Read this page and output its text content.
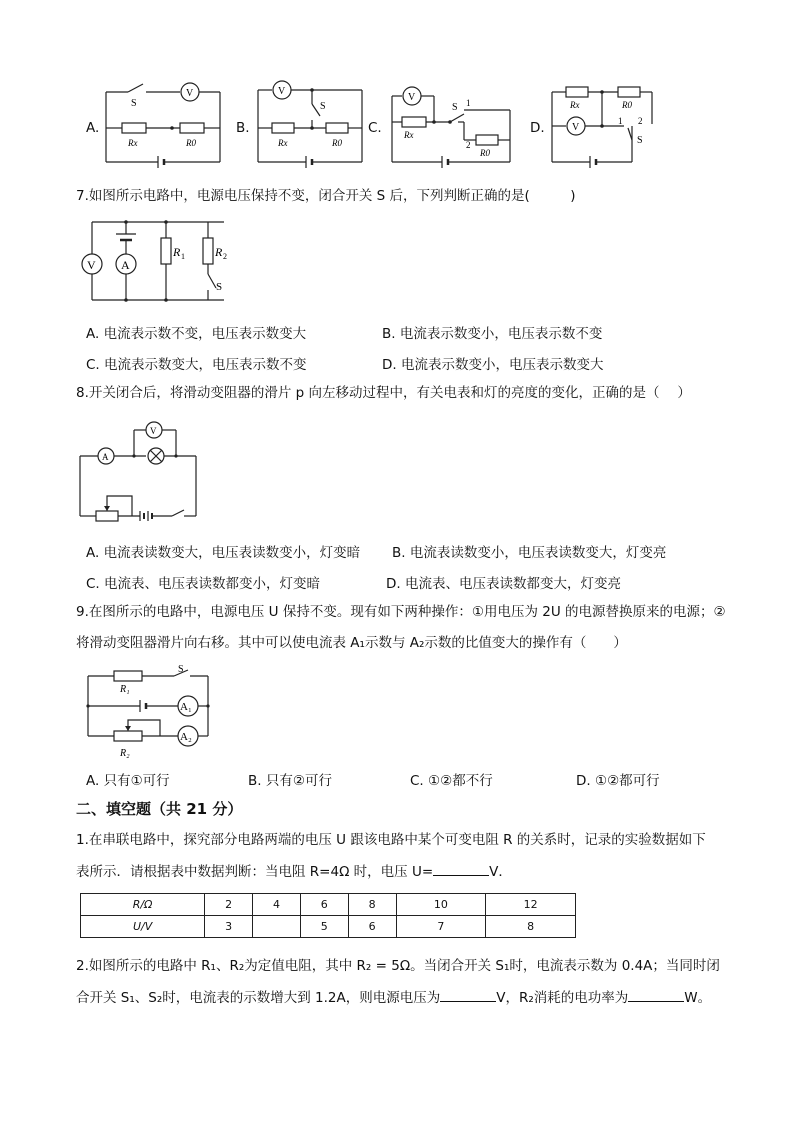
A.
S
V
Rx	R0
B.
V
S
Rx	R0
C.
V
S 1
2
Rx
R0
D.	V
Rx	R0
1 2
S
7.如图所示电路中，电源电压保持不变，闭合开关 S 后，下列判断正确的是(　　　)
V A
R 1	R 2
S
A. 电流表示数不变，电压表示数变大	B. 电流表示数变小，电压表示数不变
C. 电流表示数变大，电压表示数不变	D. 电流表示数变小，电压表示数变大
8.开关闭合后，将滑动变阻器的滑片 p 向左移动过程中，有关电表和灯的亮度的变化，正确的是（　 ）
A
V
A. 电流表读数变大，电压表读数变小，灯变暗 B. 电流表读数变小，电压表读数变大，灯变亮
C. 电流表、电压表读数都变小，灯变暗	D. 电流表、电压表读数都变大，灯变亮
9.在图所示的电路中，电源电压 U 保持不变。现有如下两种操作：①用电压为 2U 的电源替换原来的电源；②
将滑动变阻器滑片向右移。其中可以使电流表 A₁示数与 A₂示数的比值变大的操作有（　　）
R₁
R₂
S
A₁
A₂
A. 只有①可行	B. 只有②可行	C. ①②都不行	D. ①②都可行
二、填空题（共 21 分）
1.在串联电路中，探究部分电路两端的电压 U 跟该电路中某个可变电阻 R 的关系时，记录的实验数据如下
表所示．请根据表中数据判断：当电阻 R=4Ω 时，电压 U=	V．
R/Ω	2	4	6	8	10	12
U/V	3		5	6	7	8
2.如图所示的电路中 R₁、R₂为定值电阻，其中 R₂ = 5Ω。当闭合开关 S₁时，电流表示数为 0.4A；当同时闭
合开关 S₁、S₂时，电流表的示数增大到 1.2A，则电源电压为	V，R₂消耗的电功率为	W。
